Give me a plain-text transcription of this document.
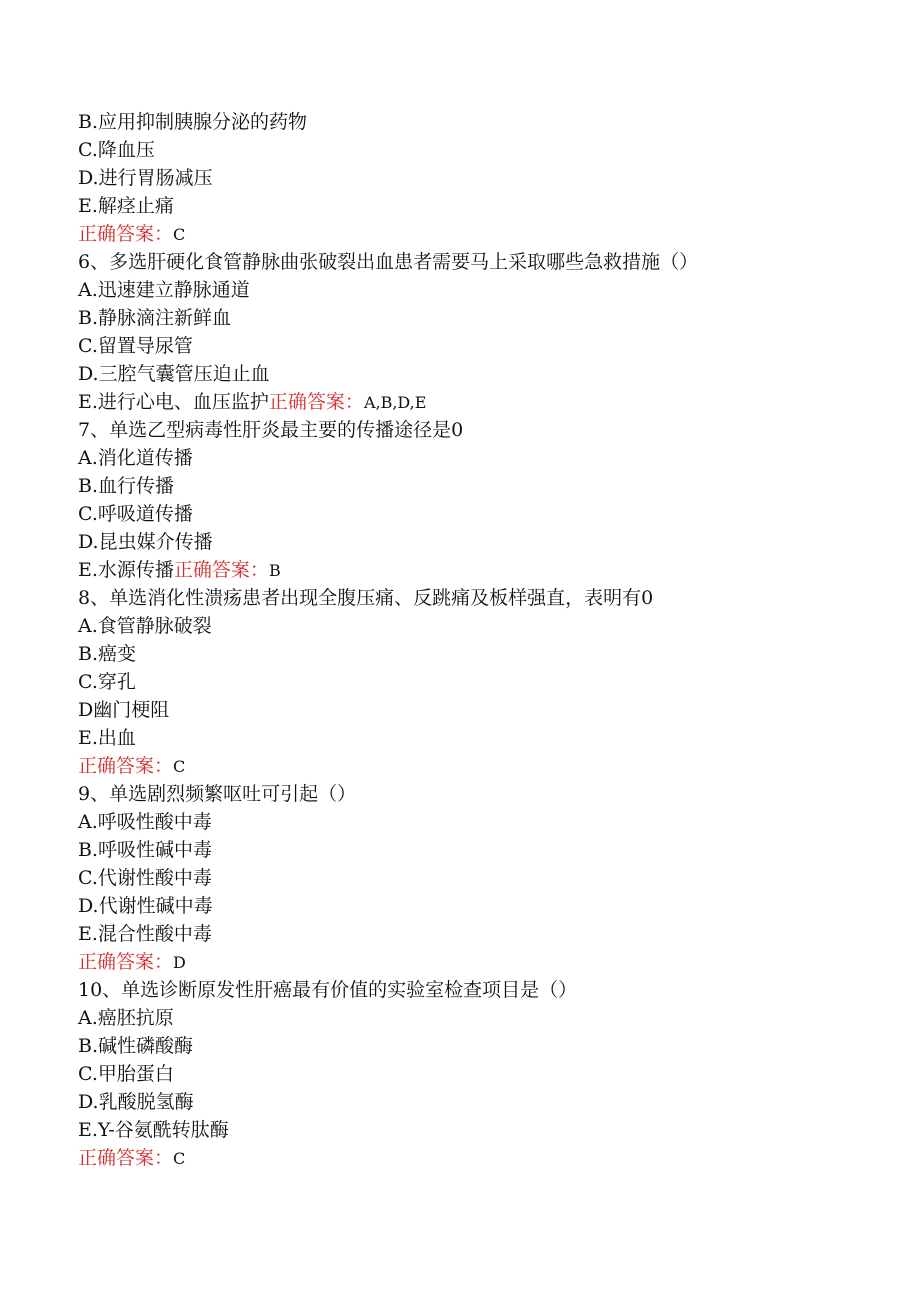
B.应用抑制胰腺分泌的药物
C.降血压
D.进行胃肠减压
E.解痉止痛
正确答案：C
6、多选肝硬化食管静脉曲张破裂出血患者需要马上采取哪些急救措施（）
A.迅速建立静脉通道
B.静脉滴注新鲜血
C.留置导尿管
D.三腔气囊管压迫止血
E.进行心电、血压监护正确答案：A,B,D,E
7、单选乙型病毒性肝炎最主要的传播途径是0
A.消化道传播
B.血行传播
C.呼吸道传播
D.昆虫媒介传播
E.水源传播正确答案：B
8、单选消化性溃疡患者出现全腹压痛、反跳痛及板样强直，表明有0
A.食管静脉破裂
B.癌变
C.穿孔
D幽门梗阻
E.出血
正确答案：C
9、单选剧烈频繁呕吐可引起（）
A.呼吸性酸中毒
B.呼吸性碱中毒
C.代谢性酸中毒
D.代谢性碱中毒
E.混合性酸中毒
正确答案：D
10、单选诊断原发性肝癌最有价值的实验室检查项目是（）
A.癌胚抗原
B.碱性磷酸酶
C.甲胎蛋白
D.乳酸脱氢酶
E.Y-谷氨酰转肽酶
正确答案：C
